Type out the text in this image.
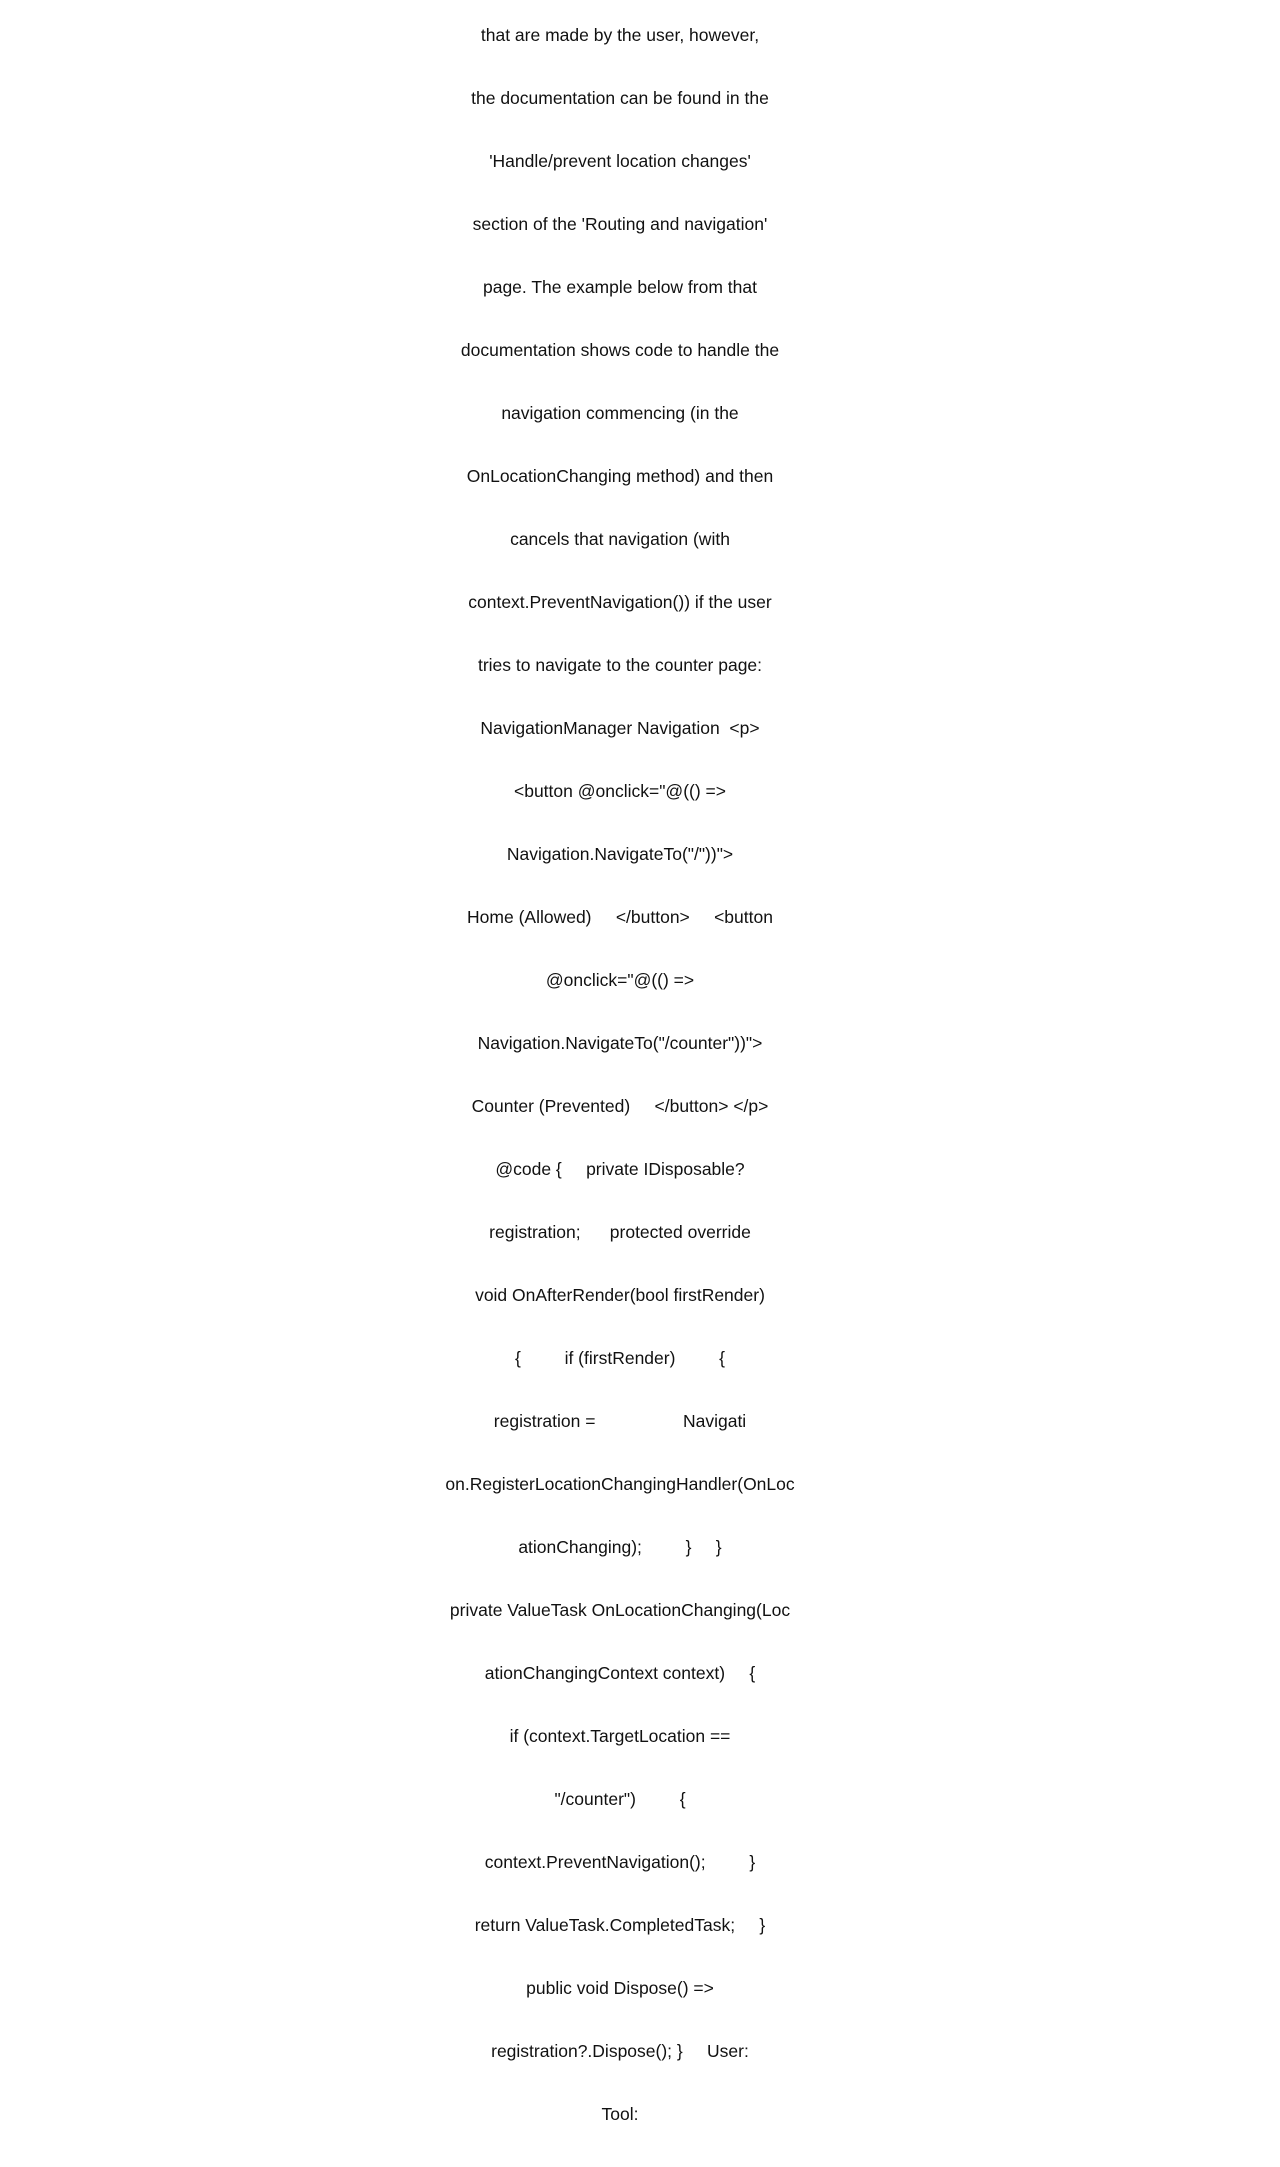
that are made by the user, however,

the documentation can be found in the

'Handle/prevent location changes'

section of the 'Routing and navigation'

page. The example below from that

documentation shows code to handle the

navigation commencing (in the

OnLocationChanging method) and then

cancels that navigation (with

context.PreventNavigation()) if the user

tries to navigate to the counter page:

NavigationManager Navigation  <p>

<button @onclick="@(() =>

Navigation.NavigateTo("/"))">

Home (Allowed)     </button>     <button

@onclick="@(() =>

Navigation.NavigateTo("/counter"))">

Counter (Prevented)     </button> </p>

@code {     private IDisposable?

registration;      protected override

void OnAfterRender(bool firstRender)

{         if (firstRender)         {

registration =                  Navigati

on.RegisterLocationChangingHandler(OnLoc

ationChanging);         }     }

private ValueTask OnLocationChanging(Loc

ationChangingContext context)     {

if (context.TargetLocation ==

"/counter")         {

context.PreventNavigation();         }

return ValueTask.CompletedTask;     }

public void Dispose() =>

registration?.Dispose(); }     User:

Tool:
